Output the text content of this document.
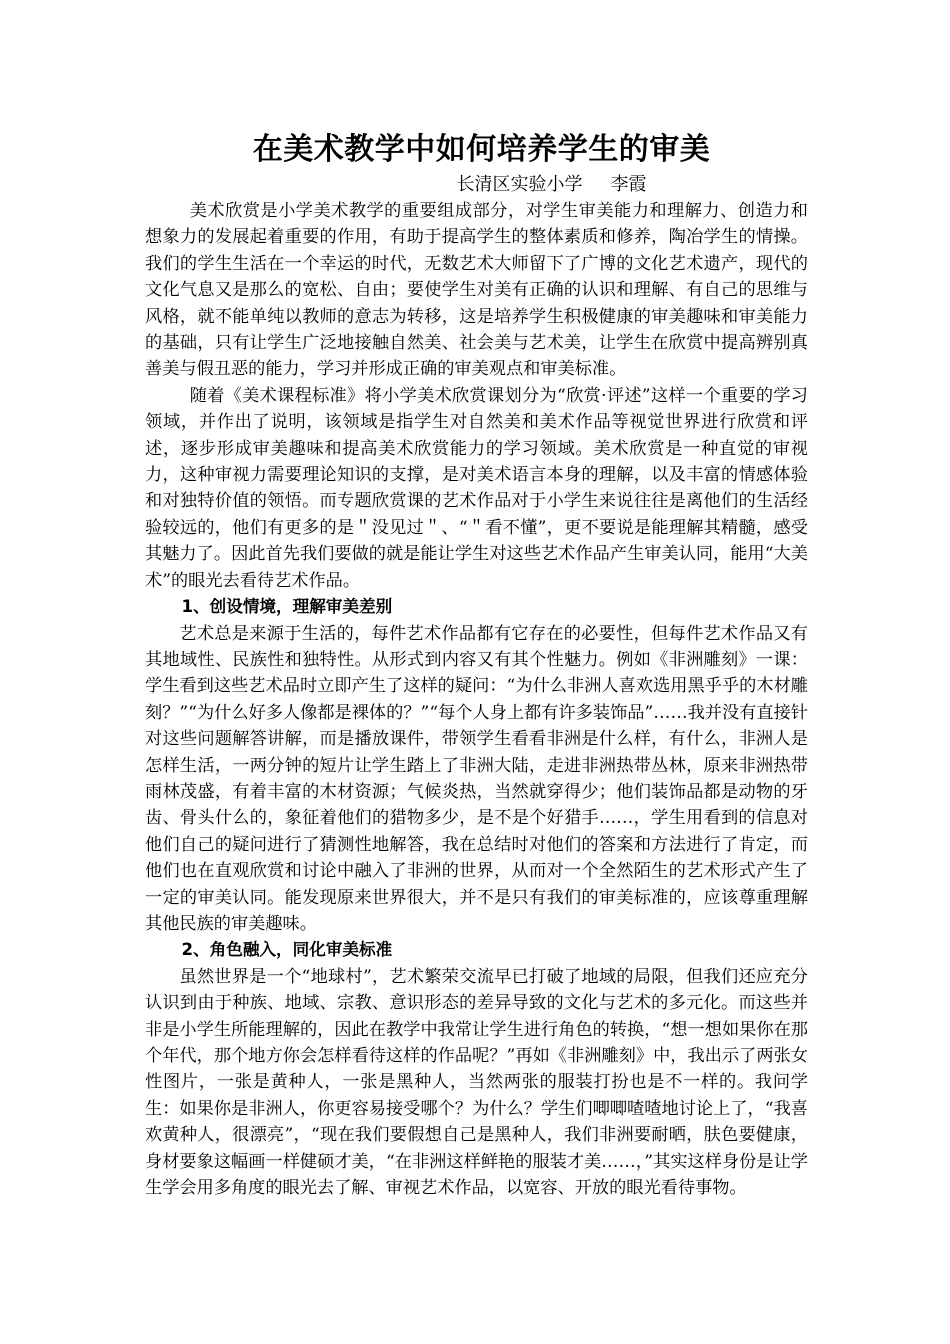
在美术教学中如何培养学生的审美

长清区实验小学 李霞

美术欣赏是小学美术教学的重要组成部分，对学生审美能力和理解力、创造力和想象力的发展起着重要的作用，有助于提高学生的整体素质和修养，陶冶学生的情操。我们的学生生活在一个幸运的时代，无数艺术大师留下了广博的文化艺术遗产，现代的文化气息又是那么的宽松、自由；要使学生对美有正确的认识和理解、有自己的思维与风格，就不能单纯以教师的意志为转移，这是培养学生积极健康的审美趣味和审美能力的基础，只有让学生广泛地接触自然美、社会美与艺术美，让学生在欣赏中提高辨别真善美与假丑恶的能力，学习并形成正确的审美观点和审美标准。

随着《美术课程标准》将小学美术欣赏课划分为“欣赏·评述”这样一个重要的学习领域，并作出了说明，该领域是指学生对自然美和美术作品等视觉世界进行欣赏和评述，逐步形成审美趣味和提高美术欣赏能力的学习领域。美术欣赏是一种直觉的审视力，这种审视力需要理论知识的支撑，是对美术语言本身的理解，以及丰富的情感体验和对独特价值的领悟。而专题欣赏课的艺术作品对于小学生来说往往是离他们的生活经验较远的，他们有更多的是＂没见过＂、“＂看不懂”，更不要说是能理解其精髓，感受其魅力了。因此首先我们要做的就是能让学生对这些艺术作品产生审美认同，能用“大美术”的眼光去看待艺术作品。

1、创设情境，理解审美差别

艺术总是来源于生活的，每件艺术作品都有它存在的必要性，但每件艺术作品又有其地域性、民族性和独特性。从形式到内容又有其个性魅力。例如《非洲雕刻》一课：学生看到这些艺术品时立即产生了这样的疑问：“为什么非洲人喜欢选用黑乎乎的木材雕刻？”“为什么好多人像都是裸体的？”“每个人身上都有许多装饰品”……我并没有直接针对这些问题解答讲解，而是播放课件，带领学生看看非洲是什么样，有什么，非洲人是怎样生活，一两分钟的短片让学生踏上了非洲大陆，走进非洲热带丛林，原来非洲热带雨林茂盛，有着丰富的木材资源；气候炎热，当然就穿得少；他们装饰品都是动物的牙齿、骨头什么的，象征着他们的猎物多少，是不是个好猎手……，学生用看到的信息对他们自己的疑问进行了猜测性地解答，我在总结时对他们的答案和方法进行了肯定，而他们也在直观欣赏和讨论中融入了非洲的世界，从而对一个全然陌生的艺术形式产生了一定的审美认同。能发现原来世界很大，并不是只有我们的审美标准的，应该尊重理解其他民族的审美趣味。

2、角色融入，同化审美标准

虽然世界是一个“地球村”，艺术繁荣交流早已打破了地域的局限，但我们还应充分认识到由于种族、地域、宗教、意识形态的差异导致的文化与艺术的多元化。而这些并非是小学生所能理解的，因此在教学中我常让学生进行角色的转换，“想一想如果你在那个年代，那个地方你会怎样看待这样的作品呢？”再如《非洲雕刻》中，我出示了两张女性图片，一张是黄种人，一张是黑种人，当然两张的服装打扮也是不一样的。我问学生：如果你是非洲人，你更容易接受哪个？为什么？学生们唧唧喳喳地讨论上了，“我喜欢黄种人，很漂亮”，“现在我们要假想自己是黑种人，我们非洲要耐晒，肤色要健康，身材要象这幅画一样健硕才美，“在非洲这样鲜艳的服装才美……，”其实这样身份是让学生学会用多角度的眼光去了解、审视艺术作品，以宽容、开放的眼光看待事物。
